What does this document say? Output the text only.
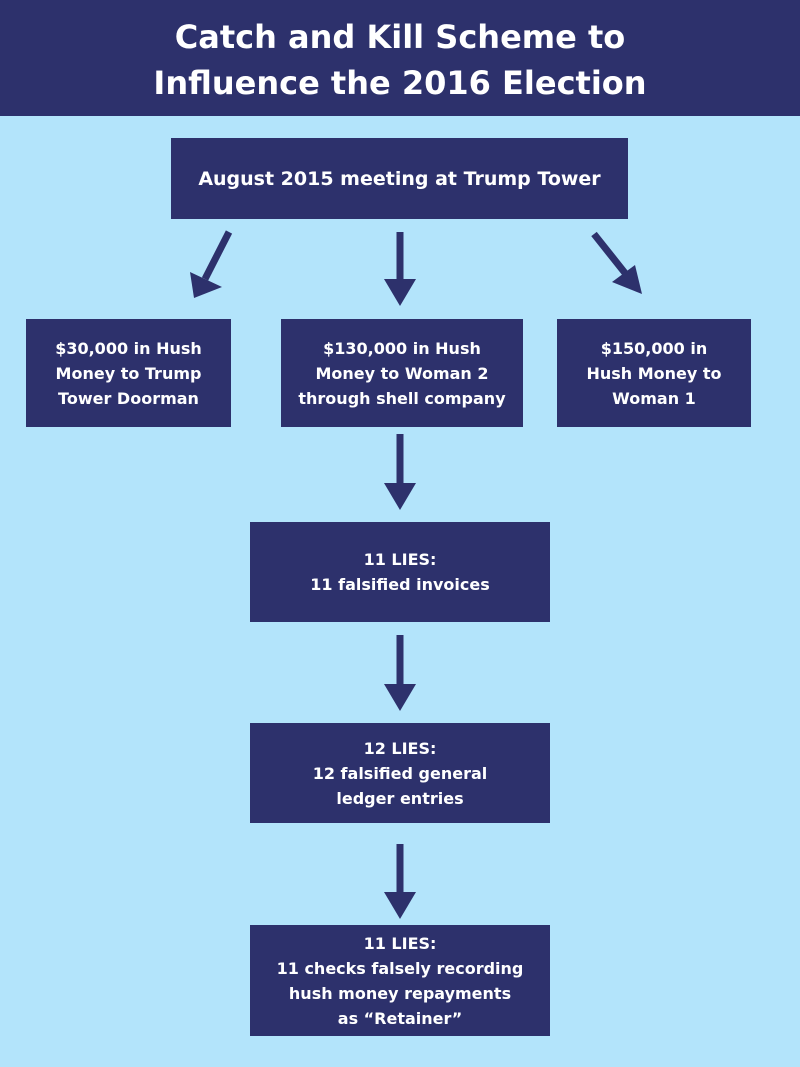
Catch and Kill Scheme to
Influence the 2016 Election
August 2015 meeting at Trump Tower
$30,000 in Hush
Money to Trump
Tower Doorman
$130,000 in Hush
Money to Woman 2
through shell company
$150,000 in
Hush Money to
Woman 1
11 LIES:
11 falsified invoices
12 LIES:
12 falsified general
ledger entries
11 LIES:
11 checks falsely recording
hush money repayments
as “Retainer”
